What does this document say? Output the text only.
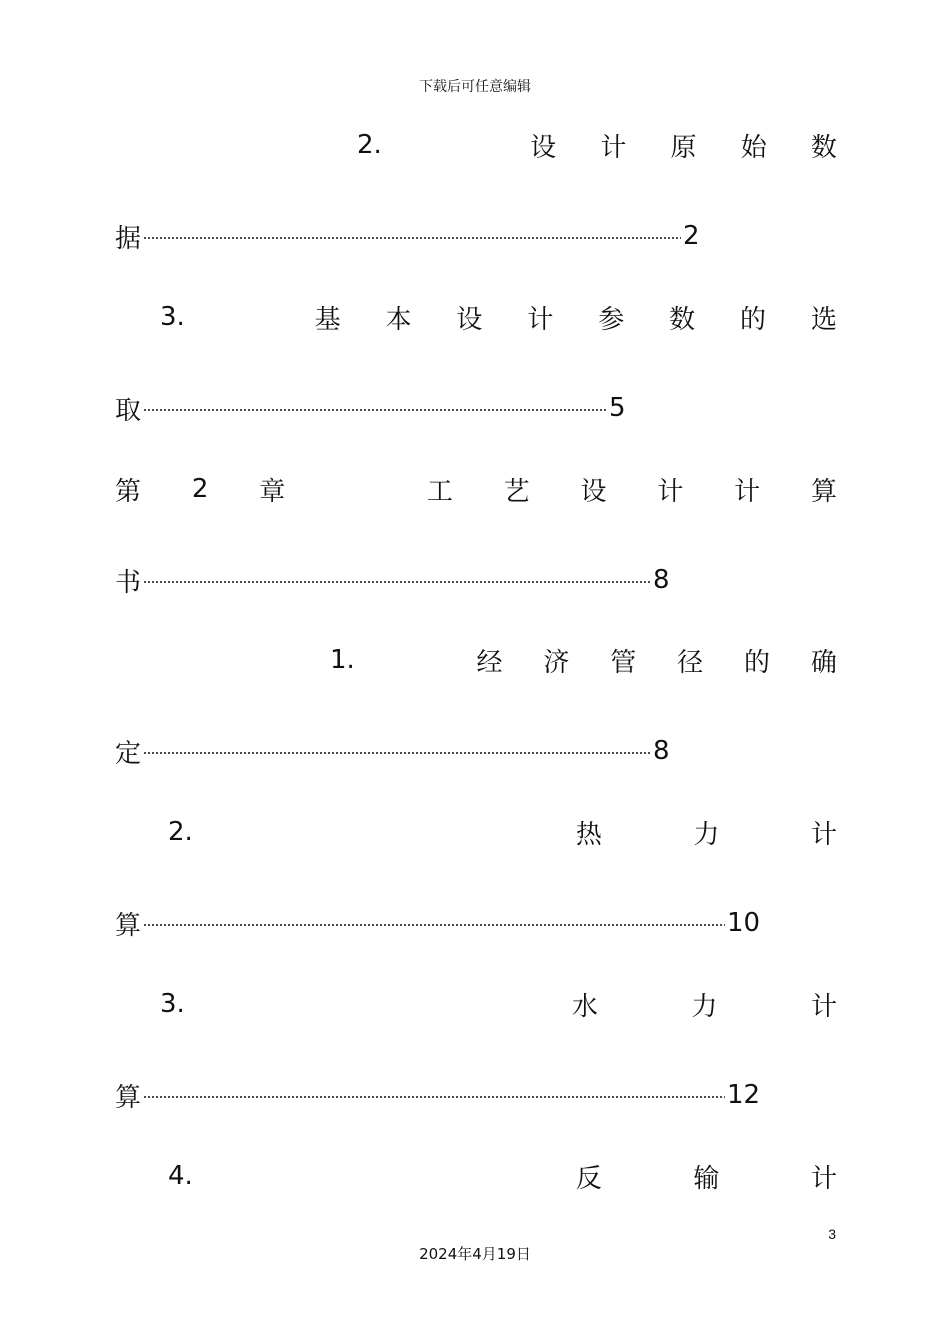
下载后可任意编辑
2.	设 计 原 始 数
据	2
3.	基 本 设 计 参 数 的 选
取	5
第 2 章	工 艺 设 计 计 算
书	8
1.	经 济 管 径 的 确
定	8
2.	热	力	计
算	10
3.	水	力	计
算	12
4.	反	输	计
3
2024年4月19日
